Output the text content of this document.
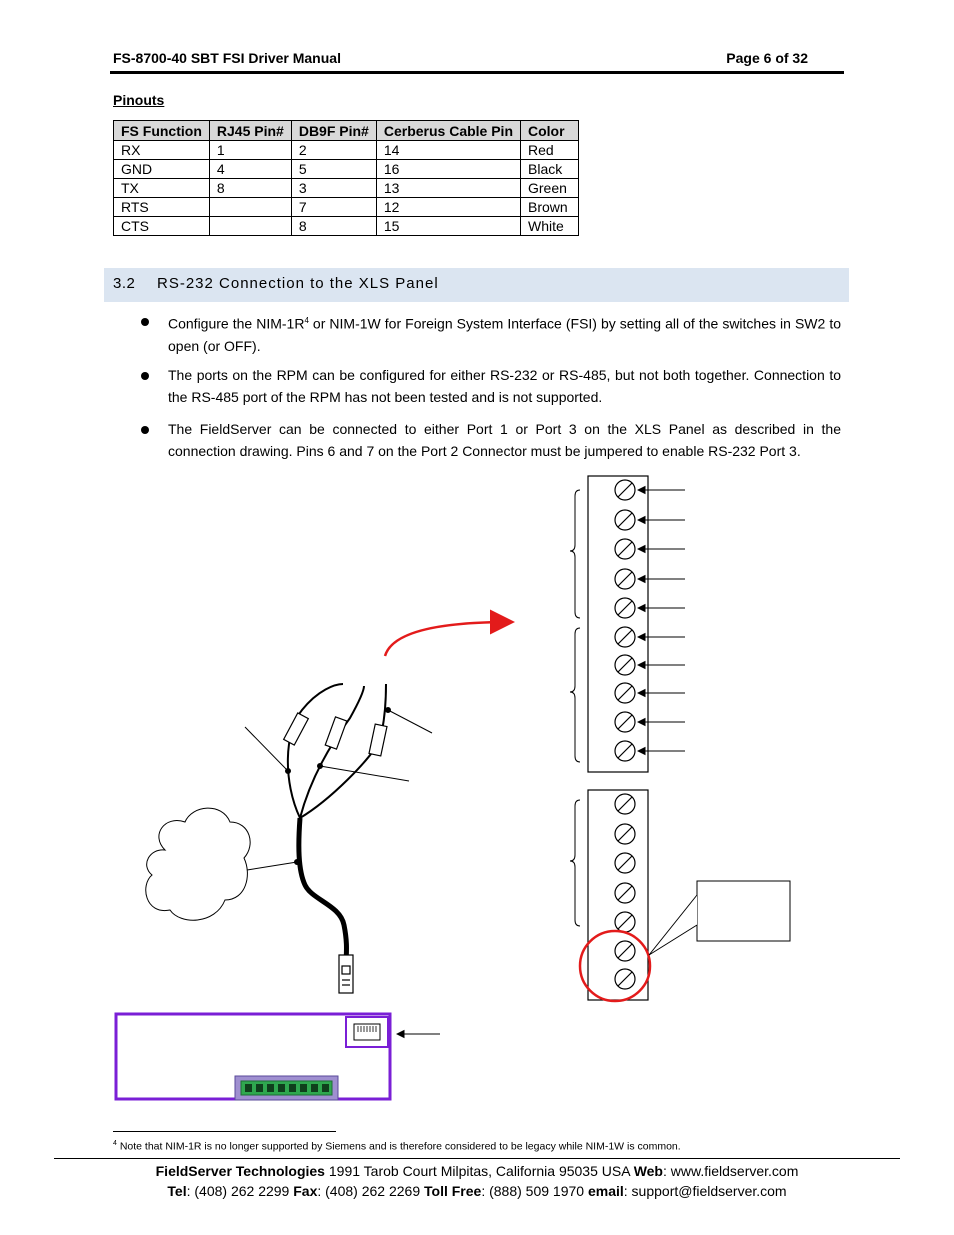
FS-8700-40 SBT FSI Driver Manual	Page 6 of 32
Pinouts
FS Function	RJ45 Pin#	DB9F Pin#	Cerberus Cable Pin	Color
RX	1	2	14	Red
GND	4	5	16	Black
TX	8	3	13	Green
RTS		7	12	Brown
CTS		8	15	White
3.2 RS-232 Connection to the XLS Panel
Configure the NIM-$1R^4$ or NIM-1W for Foreign System Interface (FSI) by setting all of the switches in SW2 to open (or OFF).
The ports on the RPM can be configured for either RS-232 or RS-485, but not both together. Connection to the RS-485 port of the RPM has not been tested and is not supported.
The FieldServer can be connected to either Port 1 or Port 3 on the XLS Panel as described in the connection drawing. Pins 6 and 7 on the Port 2 Connector must be jumpered to enable RS-232 Port 3.
$^4$ Note that NIM-1R is no longer supported by Siemens and is therefore considered to be legacy while NIM-1W is common.
FieldServer Technologies 1991 Tarob Court Milpitas, California 95035 USA Web: www.fieldserver.com
Tel: (408) 262 2299 Fax: (408) 262 2269 Toll Free: (888) 509 1970 email: support@fieldserver.com
